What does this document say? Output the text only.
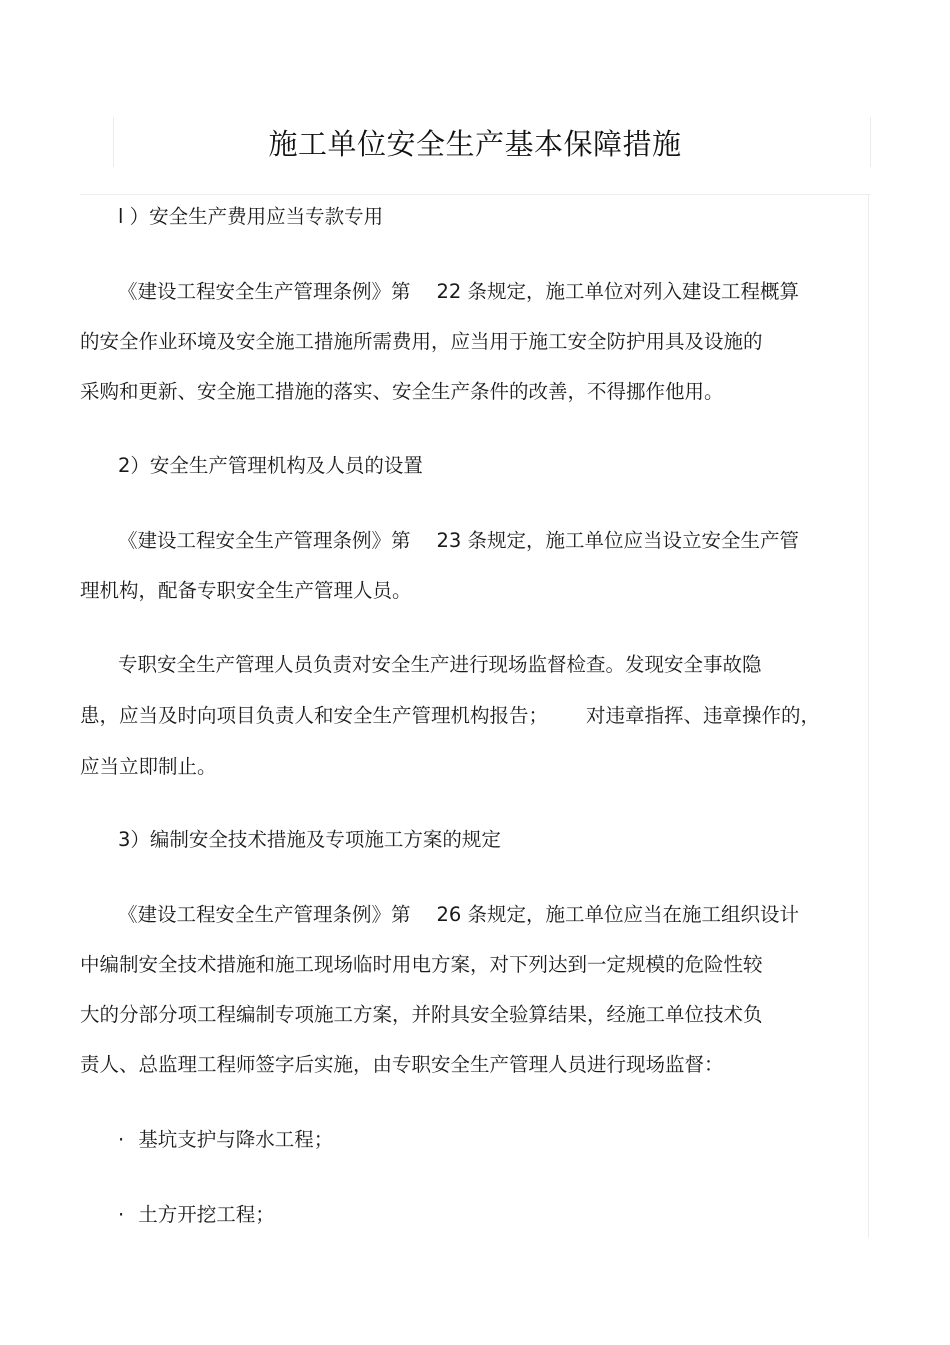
施工单位安全生产基本保障措施
l ）安全生产费用应当专款专用
《建设工程安全生产管理条例》第 22 条规定，施工单位对列入建设工程概算
的安全作业环境及安全施工措施所需费用，应当用于施工安全防护用具及设施的
采购和更新、安全施工措施的落实、安全生产条件的改善，不得挪作他用。
2）安全生产管理机构及人员的设置
《建设工程安全生产管理条例》第 23 条规定，施工单位应当设立安全生产管
理机构，配备专职安全生产管理人员。
专职安全生产管理人员负责对安全生产进行现场监督检查。发现安全事故隐
患，应当及时向项目负责人和安全生产管理机构报告； 对违章指挥、违章操作的，
应当立即制止。
3）编制安全技术措施及专项施工方案的规定
《建设工程安全生产管理条例》第 26 条规定，施工单位应当在施工组织设计
中编制安全技术措施和施工现场临时用电方案，对下列达到一定规模的危险性较
大的分部分项工程编制专项施工方案，并附具安全验算结果，经施工单位技术负
责人、总监理工程师签字后实施，由专职安全生产管理人员进行现场监督：
· 基坑支护与降水工程；
· 土方开挖工程；
